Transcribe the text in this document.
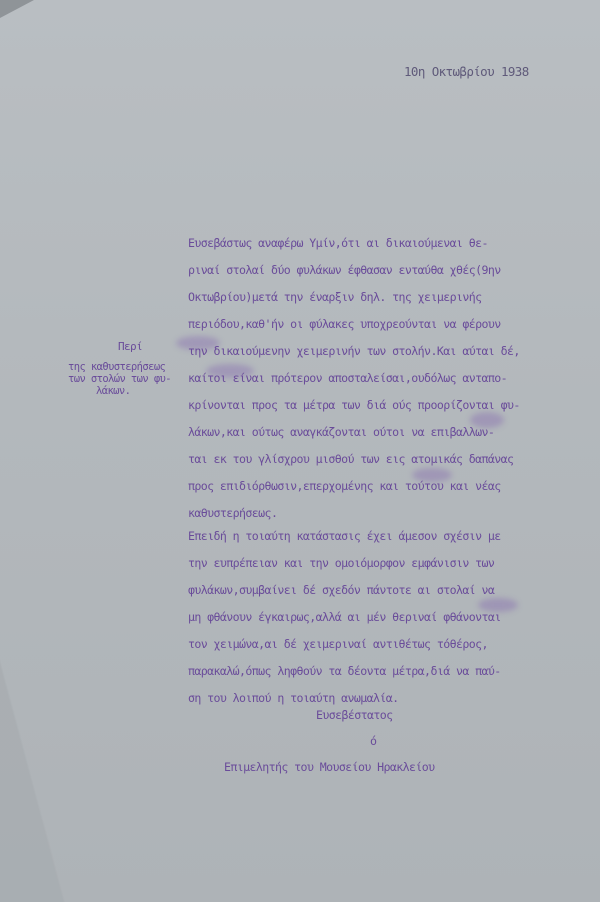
10η Οκτωβρίου 1938
Περί
της καθυστερήσεως
των στολών των φυ-
λάκων.
Ευσεβάστως αναφέρω Υμίν,ότι αι δικαιούμεναι θε-
ριναί στολαί δύο φυλάκων έφθασαν ενταύθα χθές(9ην
Οκτωβρίου)μετά την έναρξιν δηλ. της χειμερινής
περιόδου,καθ'ήν οι φύλακες υποχρεούνται να φέρουν
την δικαιούμενην χειμερινήν των στολήν.Και αύται δέ,
καίτοι είναι πρότερον αποσταλείσαι,ουδόλως ανταπο-
κρίνονται προς τα μέτρα των διά ούς προορίζονται φυ-
λάκων,και ούτως αναγκάζονται ούτοι να επιβαλλων-
ται εκ του γλίσχρου μισθού των εις ατομικάς δαπάνας
προς επιδιόρθωσιν,επερχομένης και τούτου και νέας
καθυστερήσεως.
Επειδή η τοιαύτη κατάστασις έχει άμεσον σχέσιν με
την ευπρέπειαν και την ομοιόμορφον εμφάνισιν των
φυλάκων,συμβαίνει δέ σχεδόν πάντοτε αι στολαί να
μη φθάνουν έγκαιρως,αλλά αι μέν θεριναί φθάνονται
τον χειμώνα,αι δέ χειμεριναί αντιθέτως τόθέρος,
παρακαλώ,όπως ληφθούν τα δέοντα μέτρα,διά να παύ-
ση του λοιπού η τοιαύτη ανωμαλία.
Ευσεβέστατος
ό
Επιμελητής του Μουσείου Ηρακλείου
